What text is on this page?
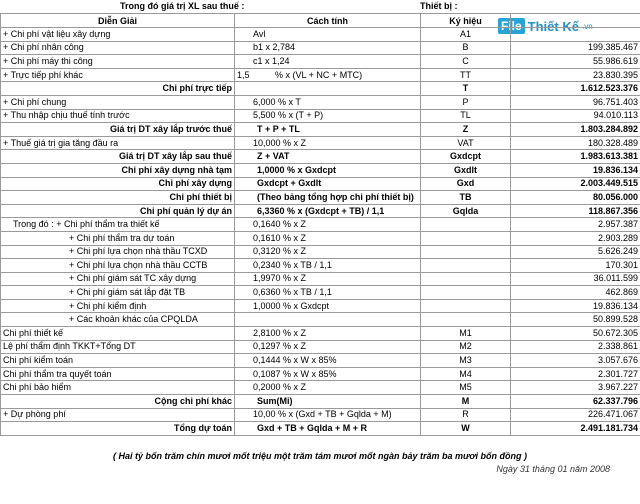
Trong đó giá trị XL sau thuế :	Thiết bị :
File Thiết Kế .vn
Diễn Giải	Cách tính	Ký hiệu	
+ Chi phí vật liệu xây dựng	Avl	A1	
+ Chi phí nhân công	b1 x 2,784	B	199.385.467
+ Chi phí máy thi công	c1 x 1,24	C	55.986.619
+ Trực tiếp phí khác	1,5 % x (VL + NC + MTC)	TT	23.830.395
Chi phí trực tiếp		T	1.612.523.376
+ Chi phí chung	6,000 % x T	P	96.751.403
+ Thu nhập chịu thuế tính trước	5,500 % x (T + P)	TL	94.010.113
Giá trị DT xây lắp trước thuế	T + P + TL	Z	1.803.284.892
+ Thuế giá trị gia tăng đầu ra	10,000 % x Z	VAT	180.328.489
Giá trị DT xây lắp sau thuế	Z + VAT	Gxdcpt	1.983.613.381
Chi phí xây dựng nhà tạm	1,0000 % x Gxdcpt	Gxdlt	19.836.134
Chi phí xây dựng	Gxdcpt + Gxdlt	Gxd	2.003.449.515
Chi phí thiết bị	(Theo bảng tổng hợp chi phí thiết bị)	TB	80.056.000
Chi phí quản lý dự án	6,3360 % x (Gxdcpt + TB) / 1,1	Gqlda	118.867.356
Trong đó : + Chi phí thẩm tra thiết kế	0,1640 % x Z		2.957.387
+ Chi phí thẩm tra dự toán	0,1610 % x Z		2.903.289
+ Chi phí lựa chọn nhà thầu TCXD	0,3120 % x Z		5.626.249
+ Chi phí lựa chọn nhà thầu CCTB	0,2340 % x TB / 1,1		170.301
+ Chi phí giám sát TC xây dựng	1,9970 % x Z		36.011.599
+ Chi phí giám sát lắp đặt TB	0,6360 % x TB / 1,1		462.869
+ Chi phí kiểm định	1,0000 % x Gxdcpt		19.836.134
+ Các khoản khác của CPQLDA			50.899.528
Chi phí thiết kế	2,8100 % x Z	M1	50.672.305
Lệ phí thẩm định TKKT+Tổng DT	0,1297 % x Z	M2	2.338.861
Chi phí kiểm toán	0,1444 % x W x 85%	M3	3.057.676
Chi phí thẩm tra quyết toán	0,1087 % x W x 85%	M4	2.301.727
Chi phí bảo hiểm	0,2000 % x Z	M5	3.967.227
Cộng chi phí khác	Sum(Mi)	M	62.337.796
+ Dự phòng phí	10,00 % x (Gxd + TB + Gqlda + M)	R	226.471.067
Tổng dự toán	Gxd + TB + Gqlda + M + R	W	2.491.181.734
( Hai tỷ bốn trăm chín mươi mốt triệu một trăm tám mươi mốt ngàn bảy trăm ba mươi bốn đồng )
Ngày 31 tháng 01 năm 2008
